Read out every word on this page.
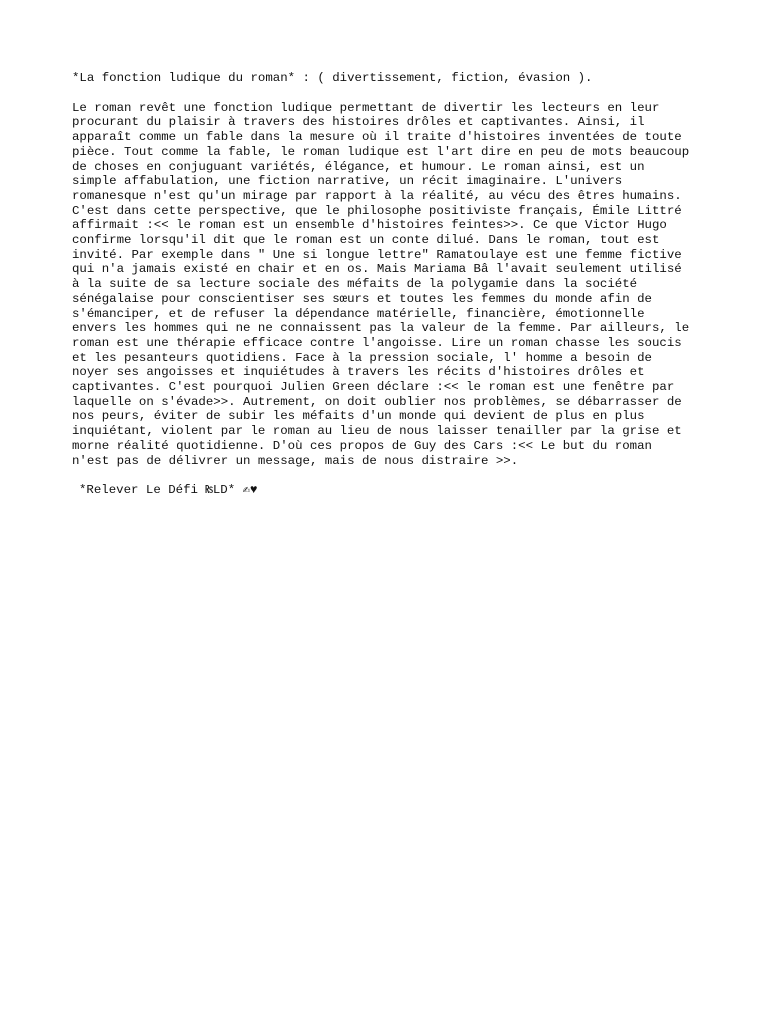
*La fonction ludique du roman* : ( divertissement, fiction, évasion ).
Le roman revêt une fonction ludique permettant de divertir les lecteurs en leur
procurant du plaisir à travers des histoires drôles et captivantes. Ainsi, il
apparaît comme un fable dans la mesure où il traite d'histoires inventées de toute
pièce. Tout comme la fable, le roman ludique est l'art dire en peu de mots beaucoup
de choses en conjuguant variétés, élégance, et humour. Le roman ainsi, est un
simple affabulation, une fiction narrative, un récit imaginaire. L'univers
romanesque n'est qu'un mirage par rapport à la réalité, au vécu des êtres humains.
C'est dans cette perspective, que le philosophe positiviste français, Émile Littré
affirmait :<< le roman est un ensemble d'histoires feintes>>. Ce que Victor Hugo
confirme lorsqu'il dit que le roman est un conte dilué. Dans le roman, tout est
invité. Par exemple dans " Une si longue lettre" Ramatoulaye est une femme fictive
qui n'a jamais existé en chair et en os. Mais Mariama Bâ l'avait seulement utilisé
à la suite de sa lecture sociale des méfaits de la polygamie dans la société
sénégalaise pour conscientiser ses sœurs et toutes les femmes du monde afin de
s'émanciper, et de refuser la dépendance matérielle, financière, émotionnelle
envers les hommes qui ne ne connaissent pas la valeur de la femme. Par ailleurs, le
roman est une thérapie efficace contre l'angoisse. Lire un roman chasse les soucis
et les pesanteurs quotidiens. Face à la pression sociale, l' homme a besoin de
noyer ses angoisses et inquiétudes à travers les récits d'histoires drôles et
captivantes. C'est pourquoi Julien Green déclare :<< le roman est une fenêtre par
laquelle on s'évade>>. Autrement, on doit oublier nos problèmes, se débarrasser de
nos peurs, éviter de subir les méfaits d'un monde qui devient de plus en plus
inquiétant, violent par le roman au lieu de nous laisser tenailler par la grise et
morne réalité quotidienne. D'où ces propos de Guy des Cars :<< Le but du roman
n'est pas de délivrer un message, mais de nous distraire >>.
*Relever Le Défi ₨LD* ✍♥
